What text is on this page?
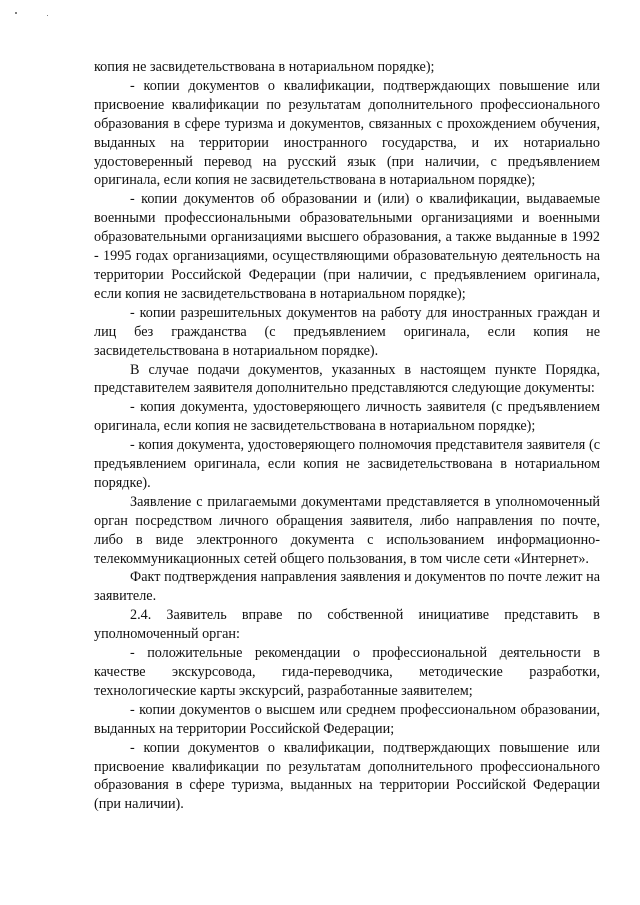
копия не засвидетельствована в нотариальном порядке);

- копии документов о квалификации, подтверждающих повышение или присвоение квалификации по результатам дополнительного профессионального образования в сфере туризма и документов, связанных с прохождением обучения, выданных на территории иностранного государства, и их нотариально удостоверенный перевод на русский язык (при наличии, с предъявлением оригинала, если копия не засвидетельствована в нотариальном порядке);

- копии документов об образовании и (или) о квалификации, выдаваемые военными профессиональными образовательными организациями и военными образовательными организациями высшего образования, а также выданные в 1992 - 1995 годах организациями, осуществляющими образовательную деятельность на территории Российской Федерации (при наличии, с предъявлением оригинала, если копия не засвидетельствована в нотариальном порядке);

- копии разрешительных документов на работу для иностранных граждан и лиц без гражданства (с предъявлением оригинала, если копия не засвидетельствована в нотариальном порядке).

В случае подачи документов, указанных в настоящем пункте Порядка, представителем заявителя дополнительно представляются следующие документы:

- копия документа, удостоверяющего личность заявителя (с предъявлением оригинала, если копия не засвидетельствована в нотариальном порядке);

- копия документа, удостоверяющего полномочия представителя заявителя (с предъявлением оригинала, если копия не засвидетельствована в нотариальном порядке).

Заявление с прилагаемыми документами представляется в уполномоченный орган посредством личного обращения заявителя, либо направления по почте, либо в виде электронного документа с использованием информационно-телекоммуникационных сетей общего пользования, в том числе сети «Интернет».

Факт подтверждения направления заявления и документов по почте лежит на заявителе.

2.4. Заявитель вправе по собственной инициативе представить в уполномоченный орган:

- положительные рекомендации о профессиональной деятельности в качестве экскурсовода, гида-переводчика, методические разработки, технологические карты экскурсий, разработанные заявителем;

- копии документов о высшем или среднем профессиональном образовании, выданных на территории Российской Федерации;

- копии документов о квалификации, подтверждающих повышение или присвоение квалификации по результатам дополнительного профессионального образования в сфере туризма, выданных на территории Российской Федерации (при наличии).
